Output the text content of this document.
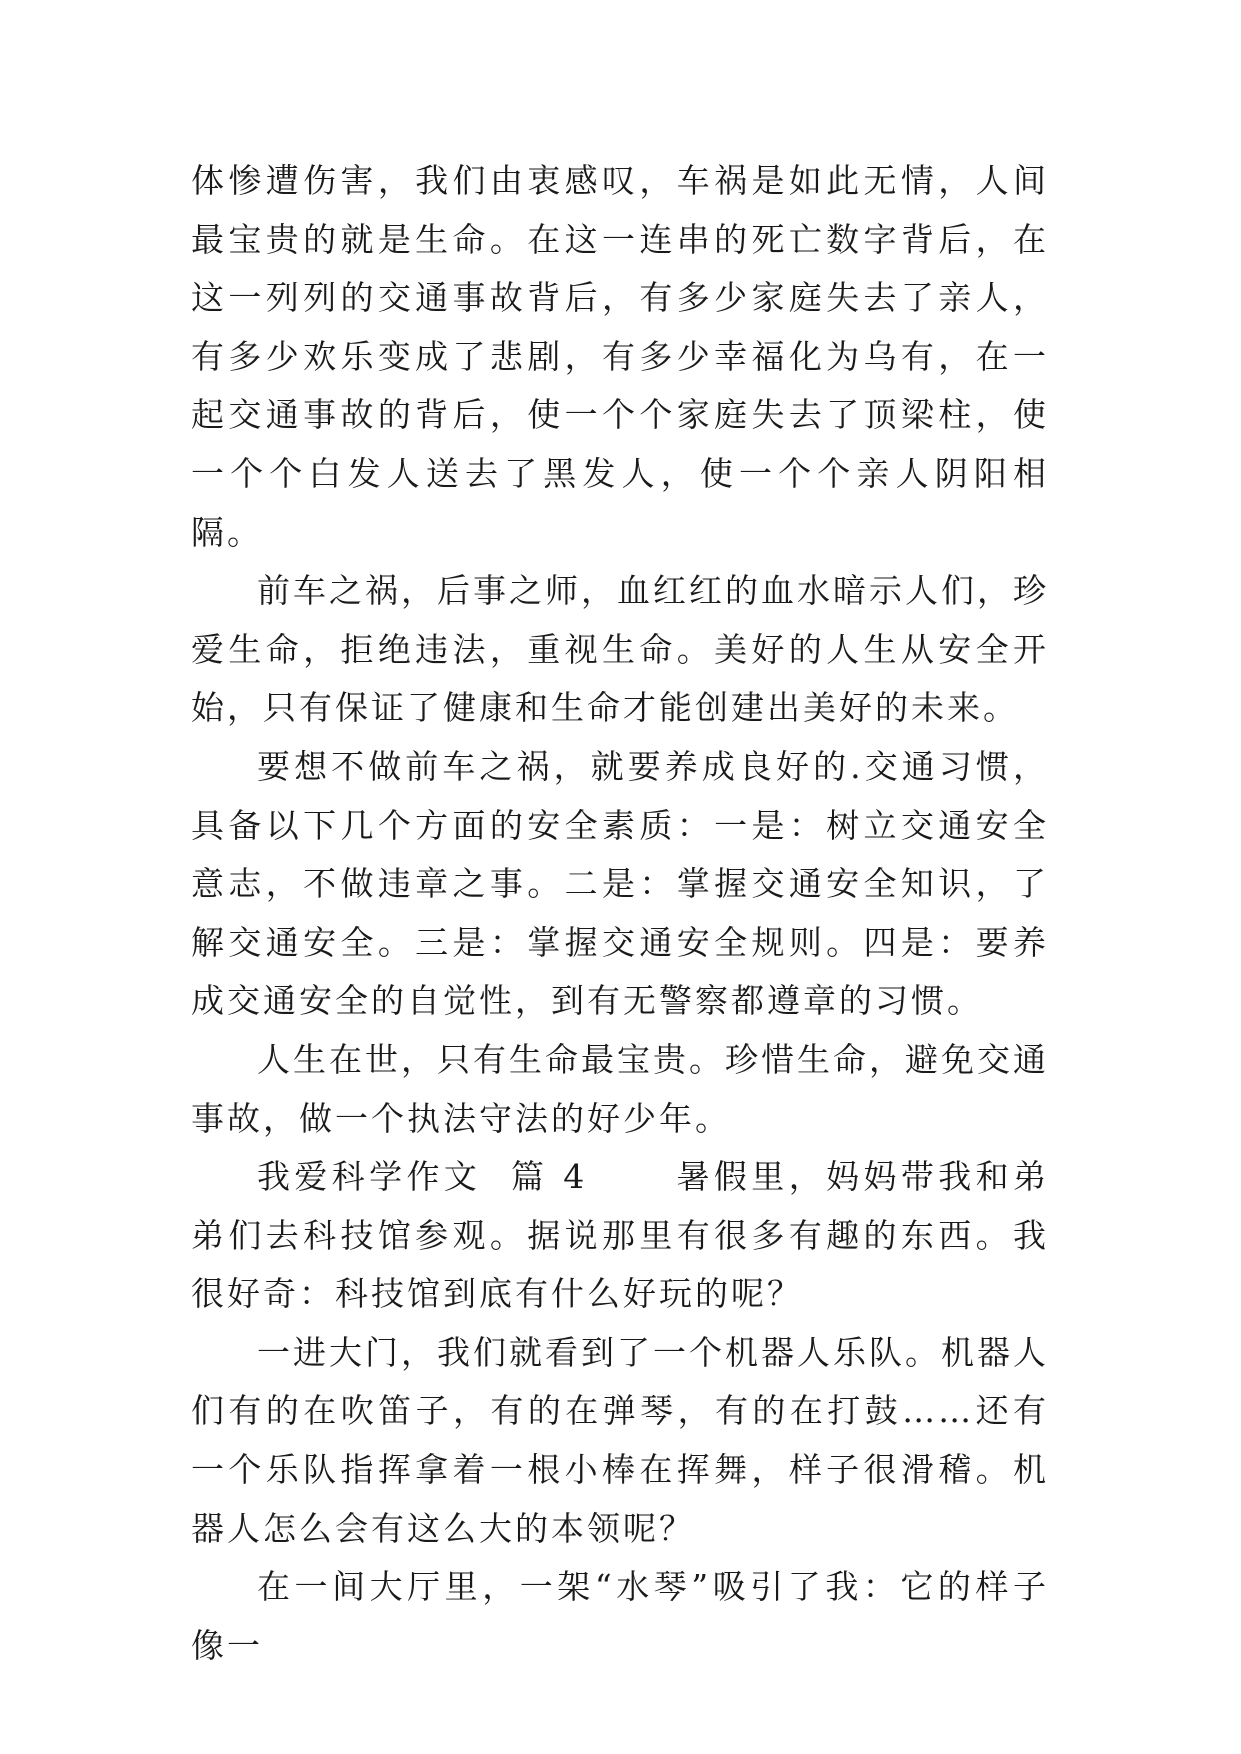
体惨遭伤害，我们由衷感叹，车祸是如此无情，人间最宝贵的就是生命。在这一连串的死亡数字背后，在这一列列的交通事故背后，有多少家庭失去了亲人，有多少欢乐变成了悲剧，有多少幸福化为乌有，在一起交通事故的背后，使一个个家庭失去了顶梁柱，使一个个白发人送去了黑发人，使一个个亲人阴阳相隔。

前车之祸，后事之师，血红红的血水暗示人们，珍爱生命，拒绝违法，重视生命。美好的人生从安全开始，只有保证了健康和生命才能创建出美好的未来。

要想不做前车之祸，就要养成良好的.交通习惯，具备以下几个方面的安全素质：一是：树立交通安全意志，不做违章之事。二是：掌握交通安全知识，了解交通安全。三是：掌握交通安全规则。四是：要养成交通安全的自觉性，到有无警察都遵章的习惯。

人生在世，只有生命最宝贵。珍惜生命，避免交通事故，做一个执法守法的好少年。

我爱科学作文  篇 4      暑假里，妈妈带我和弟弟们去科技馆参观。据说那里有很多有趣的东西。我很好奇：科技馆到底有什么好玩的呢？

一进大门，我们就看到了一个机器人乐队。机器人们有的在吹笛子，有的在弹琴，有的在打鼓……还有一个乐队指挥拿着一根小棒在挥舞，样子很滑稽。机器人怎么会有这么大的本领呢？

在一间大厅里，一架“水琴”吸引了我：它的样子像一
